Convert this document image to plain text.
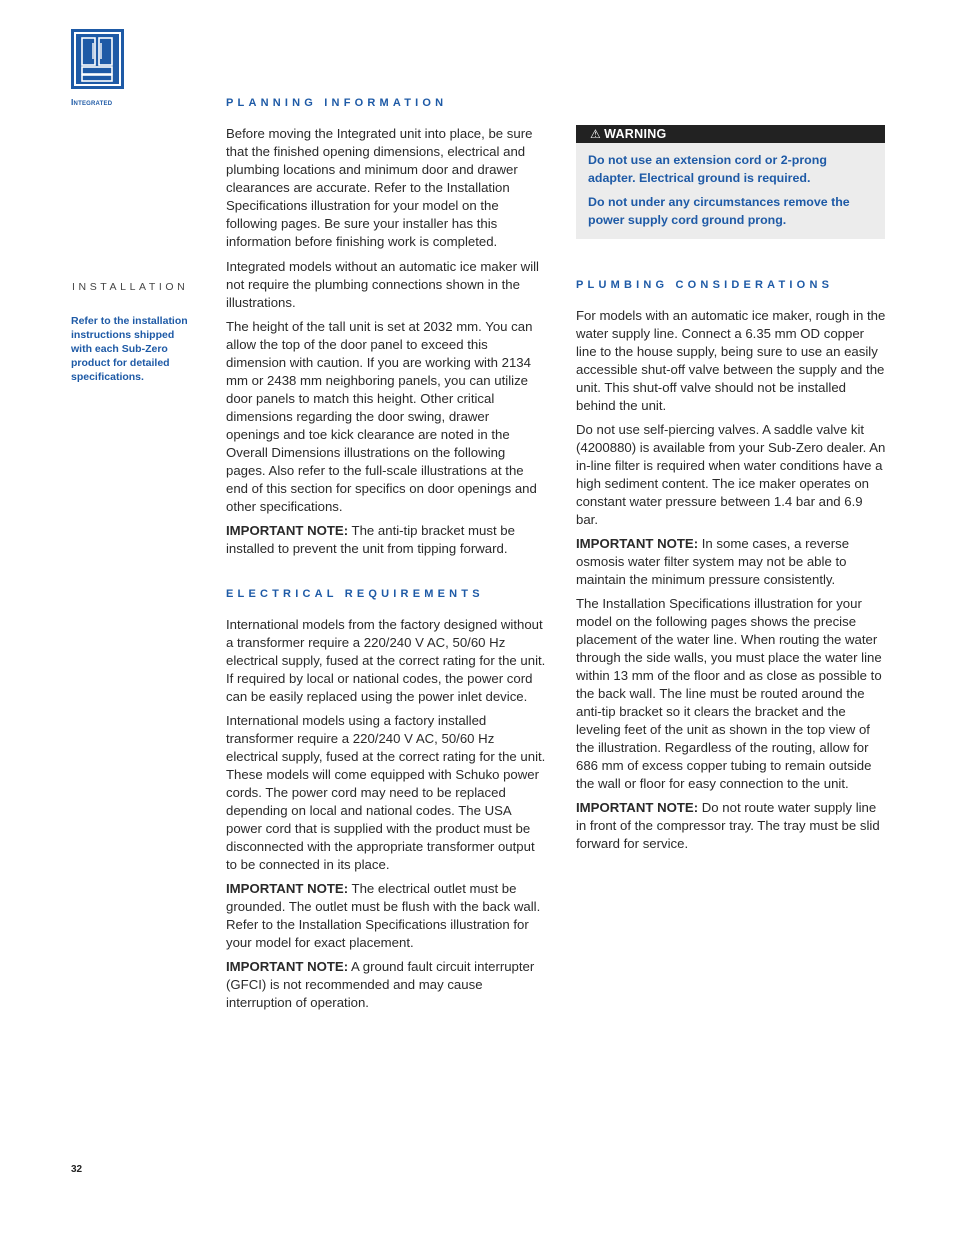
Integrated
INSTALLATION
Refer to the installation instructions shipped with each Sub-Zero product for detailed specifications.
PLANNING INFORMATION

Before moving the Integrated unit into place, be sure that the finished opening dimensions, electrical and plumbing locations and minimum door and drawer clearances are accurate. Refer to the Installation Specifications illustration for your model on the following pages. Be sure your installer has this information before finishing work is completed.

Integrated models without an automatic ice maker will not require the plumbing connections shown in the illustrations.

The height of the tall unit is set at 2032 mm. You can allow the top of the door panel to exceed this dimension with caution. If you are working with 2134 mm or 2438 mm neighboring panels, you can utilize door panels to match this height. Other critical dimensions regarding the door swing, drawer openings and toe kick clearance are noted in the Overall Dimensions illustrations on the following pages. Also refer to the full-scale illustrations at the end of this section for specifics on door openings and other specifications.

IMPORTANT NOTE: The anti-tip bracket must be installed to prevent the unit from tipping forward.

ELECTRICAL REQUIREMENTS

International models from the factory designed without a transformer require a 220/240 V AC, 50/60 Hz electrical supply, fused at the correct rating for the unit. If required by local or national codes, the power cord can be easily replaced using the power inlet device.

International models using a factory installed transformer require a 220/240 V AC, 50/60 Hz electrical supply, fused at the correct rating for the unit. These models will come equipped with Schuko power cords. The power cord may need to be replaced depending on local and national codes. The USA power cord that is supplied with the product must be disconnected with the appropriate transformer output to be connected in its place.

IMPORTANT NOTE: The electrical outlet must be grounded. The outlet must be flush with the back wall. Refer to the Installation Specifications illustration for your model for exact placement.

IMPORTANT NOTE: A ground fault circuit interrupter (GFCI) is not recommended and may cause interruption of operation.

⚠ WARNING

Do not use an extension cord or 2-prong adapter. Electrical ground is required.

Do not under any circumstances remove the power supply cord ground prong.

PLUMBING CONSIDERATIONS

For models with an automatic ice maker, rough in the water supply line. Connect a 6.35 mm OD copper line to the house supply, being sure to use an easily accessible shut-off valve between the supply and the unit. This shut-off valve should not be installed behind the unit.

Do not use self-piercing valves. A saddle valve kit (4200880) is available from your Sub-Zero dealer. An in-line filter is required when water conditions have a high sediment content. The ice maker operates on constant water pressure between 1.4 bar and 6.9 bar.

IMPORTANT NOTE: In some cases, a reverse osmosis water filter system may not be able to maintain the minimum pressure consistently.

The Installation Specifications illustration for your model on the following pages shows the precise placement of the water line. When routing the water through the side walls, you must place the water line within 13 mm of the floor and as close as possible to the back wall. The line must be routed around the anti-tip bracket so it clears the bracket and the leveling feet of the unit as shown in the top view of the illustration. Regardless of the routing, allow for 686 mm of excess copper tubing to remain outside the wall or floor for easy connection to the unit.

IMPORTANT NOTE: Do not route water supply line in front of the compressor tray. The tray must be slid forward for service.

32
